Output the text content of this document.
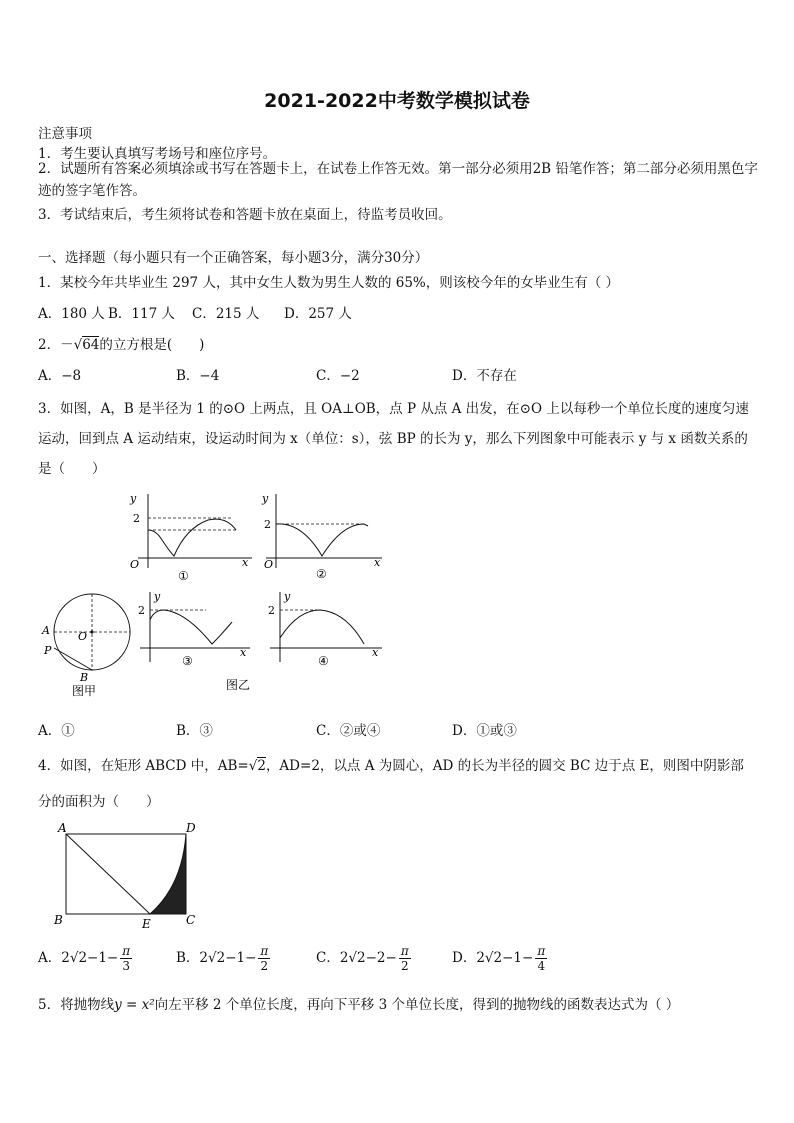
2021-2022中考数学模拟试卷
注意事项
1．考生要认真填写考场号和座位序号。
2．试题所有答案必须填涂或书写在答题卡上，在试卷上作答无效。第一部分必须用2B 铅笔作答；第二部分必须用黑色字迹的签字笔作答。
3．考试结束后，考生须将试卷和答题卡放在桌面上，待监考员收回。
一、选择题（每小题只有一个正确答案，每小题3分，满分30分）
1．某校今年共毕业生 297 人，其中女生人数为男生人数的 65%，则该校今年的女毕业生有（ ）
A．180 人 B．117 人 C．215 人 D．257 人
2．－√64的立方根是(　　)
A．−8	B．−4	C．−2	D．不存在
3．如图，A，B 是半径为 1 的⊙O 上两点，且 OA⊥OB，点 P 从点 A 出发，在⊙O 上以每秒一个单位长度的速度匀速
运动，回到点 A 运动结束，设运动时间为 x（单位：s），弦 BP 的长为 y，那么下列图象中可能表示 y 与 x 函数关系的
是（　　）
y
x
O
2
①
y
x
O
2
②
A	O
P
B
图甲
y
x
2
③
y
x
2
④
图乙
A．①	B．③	C．②或④	D．①或③
4．如图，在矩形 ABCD 中，AB=√2，AD=2，以点 A 为圆心，AD 的长为半径的圆交 BC 边于点 E，则图中阴影部
分的面积为（　　）
A	D
B	E	C
A．$2√2-1- \frac{\pi}{3}$	B．$2√2-1- \frac{\pi}{2}$	C．$2√2-2- \frac{\pi}{2}$	D．$2√2-1- \frac{\pi}{4}$
5．将抛物线y = x²向左平移 2 个单位长度，再向下平移 3 个单位长度，得到的抛物线的函数表达式为（ ）
